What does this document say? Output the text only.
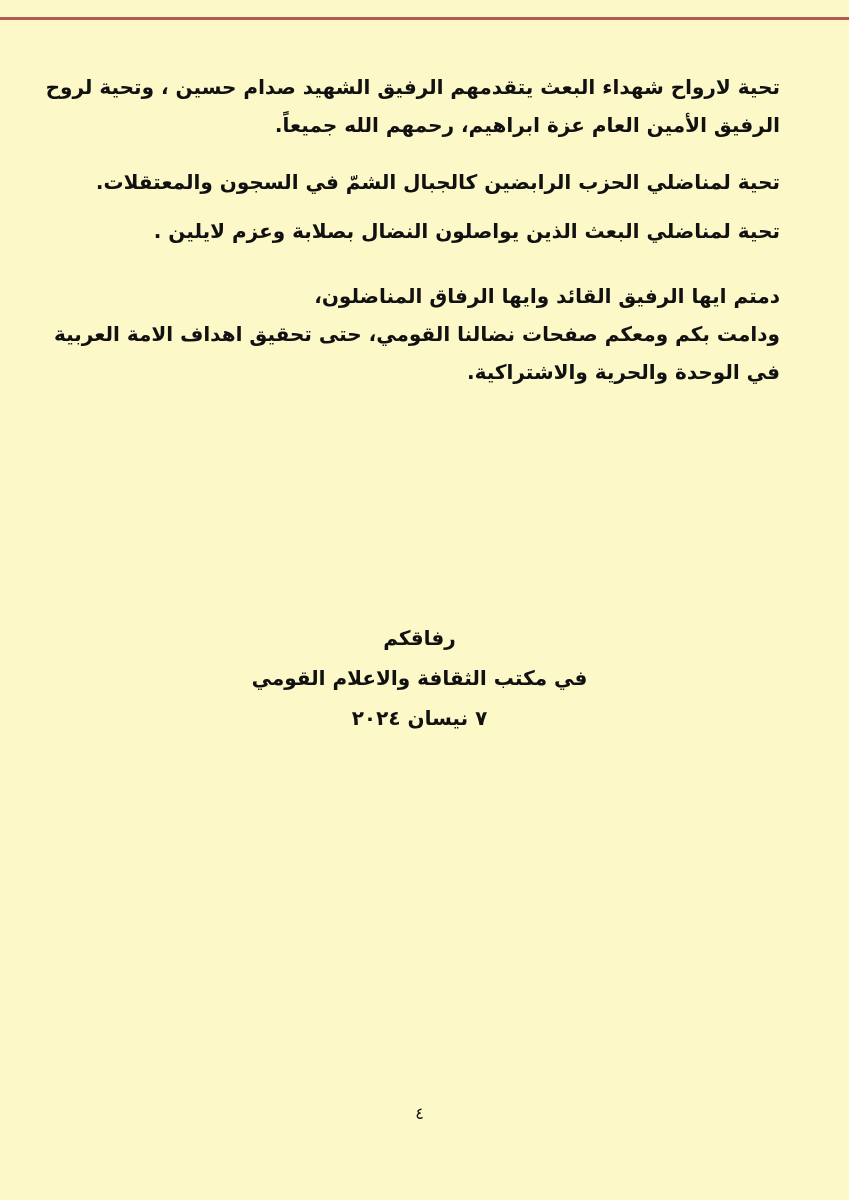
تحية لارواح شهداء البعث يتقدمهم الرفيق الشهيد صدام حسين ، وتحية لروح
الرفيق الأمين العام عزة ابراهيم، رحمهم الله جميعاً.
تحية لمناضلي الحزب الرابضين كالجبال الشمّ في السجون والمعتقلات.
تحية لمناضلي البعث الذين يواصلون النضال بصلابة وعزم لايلين .
دمتم ايها الرفيق القائد وايها الرفاق المناضلون،
ودامت بكم ومعكم صفحات نضالنا القومي، حتى تحقيق اهداف الامة العربية
في الوحدة والحرية والاشتراكية.
رفاقكم
في مكتب الثقافة والاعلام القومي
٧ نيسان ٢٠٢٤
٤
